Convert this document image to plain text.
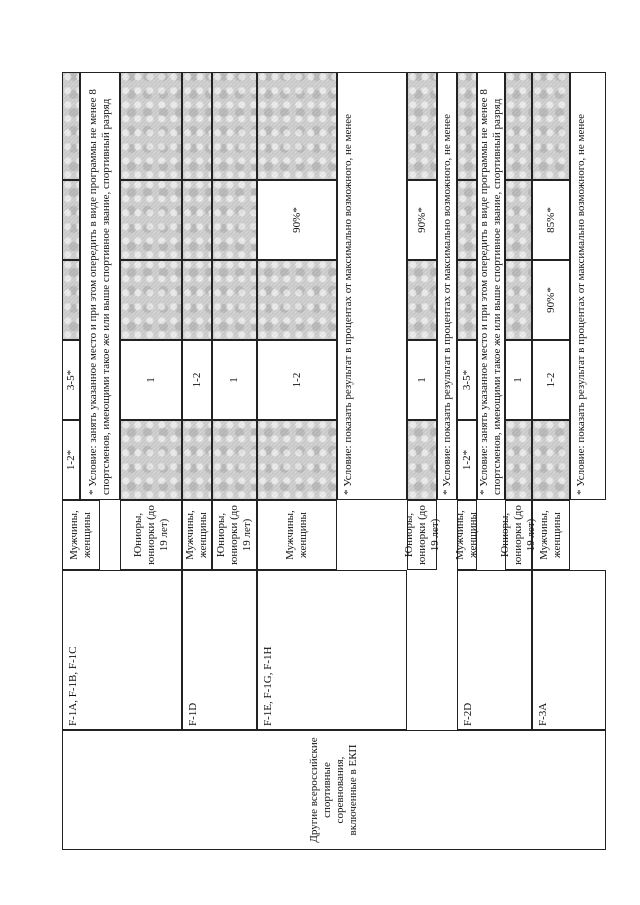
Другие всероссийские спортивные соревнования, включенные в ЕКП
F-1A, F-1B, F-1C
Мужчины, женщины
1-2*
3-5* * Условие: занять указанное место и при этом опередить в виде программы не менее 8 спортсменов, имеющими такое же или выше спортивное звание, спортивный разряд
Юниоры, юниорки (до 19 лет)
1
F-1D
Мужчины, женщины
1-2
Юниоры, юниорки (до 19 лет)
1
F-1E, F-1G, F-1H
Мужчины, женщины
1-2
90%*	* Условие: показать результат в процентах от максимально возможного, не менее
Юниоры, юниорки (до 19 лет)
1
90%* * Условие: показать результат в процентах от максимально возможного, не менее
F-2D
Мужчины, женщины
1-2*
3-5* * Условие: занять указанное место и при этом опередить в виде программы не менее 8 спортсменов, имеющими такое же или выше спортивное звание, спортивный разряд
Юниоры, юниорки (до 19 лет)
1
F-3A
Мужчины, женщины
1-2
90%*
85%* * Условие: показать результат в процентах от максимально возможного, не менее
